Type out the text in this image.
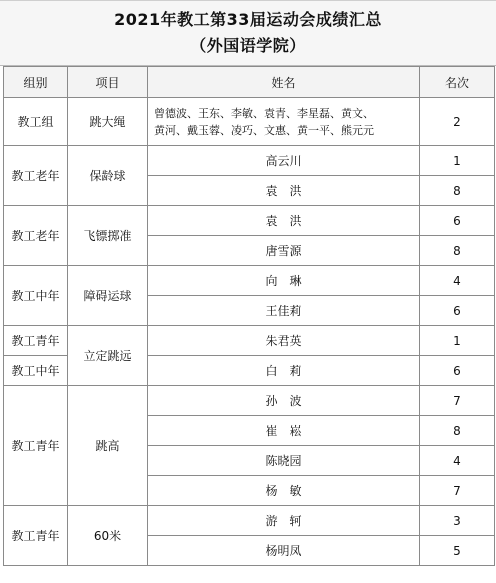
2021年教工第33届运动会成绩汇总
（外国语学院）
组别	项目	姓名	名次
教工组	跳大绳	曾德波、王东、李敏、袁青、李星磊、黄文、
黄河、戴玉蓉、凌巧、文惠、黄一平、熊元元	2
教工老年	保龄球	高云川	1
		袁　洪	8
教工老年	飞镖掷准	袁　洪	6
		唐雪源	8
教工中年	障碍运球	向　琳	4
		王佳莉	6
教工青年	立定跳远	朱君英	1
教工中年		白　莉	6
教工青年	跳高	孙　波	7
		崔　崧	8
		陈晓园	4
		杨　敏	7
教工青年	60米	游　轲	3
		杨明凤	5
